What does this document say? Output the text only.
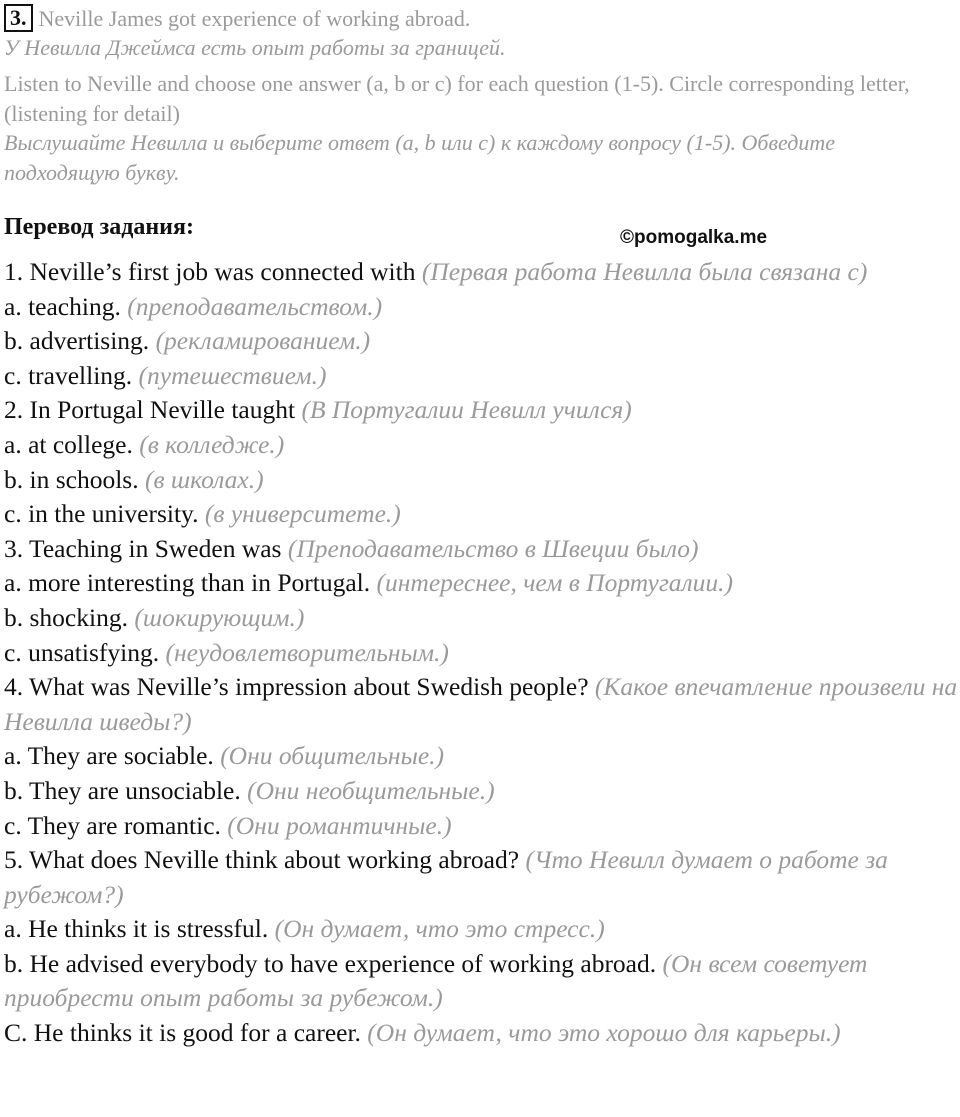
3. Neville James got experience of working abroad.
У Невилла Джеймса есть опыт работы за границей.
Listen to Neville and choose one answer (a, b or c) for each question (1-5). Circle corresponding letter, (listening for detail)
Выслушайте Невилла и выберите ответ (а, b или с) к каждому вопросу (1-5). Обведите подходящую букву.
Перевод задания:	©pomogalka.me
1. Neville’s first job was connected with (Первая работа Невилла была связана с)
a. teaching. (преподавательством.)
b. advertising. (рекламированием.)
c. travelling. (путешествием.)
2. In Portugal Neville taught (В Португалии Невилл учился)
a. at college. (в колледже.)
b. in schools. (в школах.)
c. in the university. (в университете.)
3. Teaching in Sweden was (Преподавательство в Швеции было)
a. more interesting than in Portugal. (интереснее, чем в Португалии.)
b. shocking. (шокирующим.)
c. unsatisfying. (неудовлетворительным.)
4. What was Neville’s impression about Swedish people? (Какое впечатление произвели на Невилла шведы?)
a. They are sociable. (Они общительные.)
b. They are unsociable. (Они необщительные.)
c. They are romantic. (Они романтичные.)
5. What does Neville think about working abroad? (Что Невилл думает о работе за рубежом?)
a. He thinks it is stressful. (Он думает, что это стресс.)
b. He advised everybody to have experience of working abroad. (Он всем советует приобрести опыт работы за рубежом.)
C. He thinks it is good for a career. (Он думает, что это хорошо для карьеры.)
